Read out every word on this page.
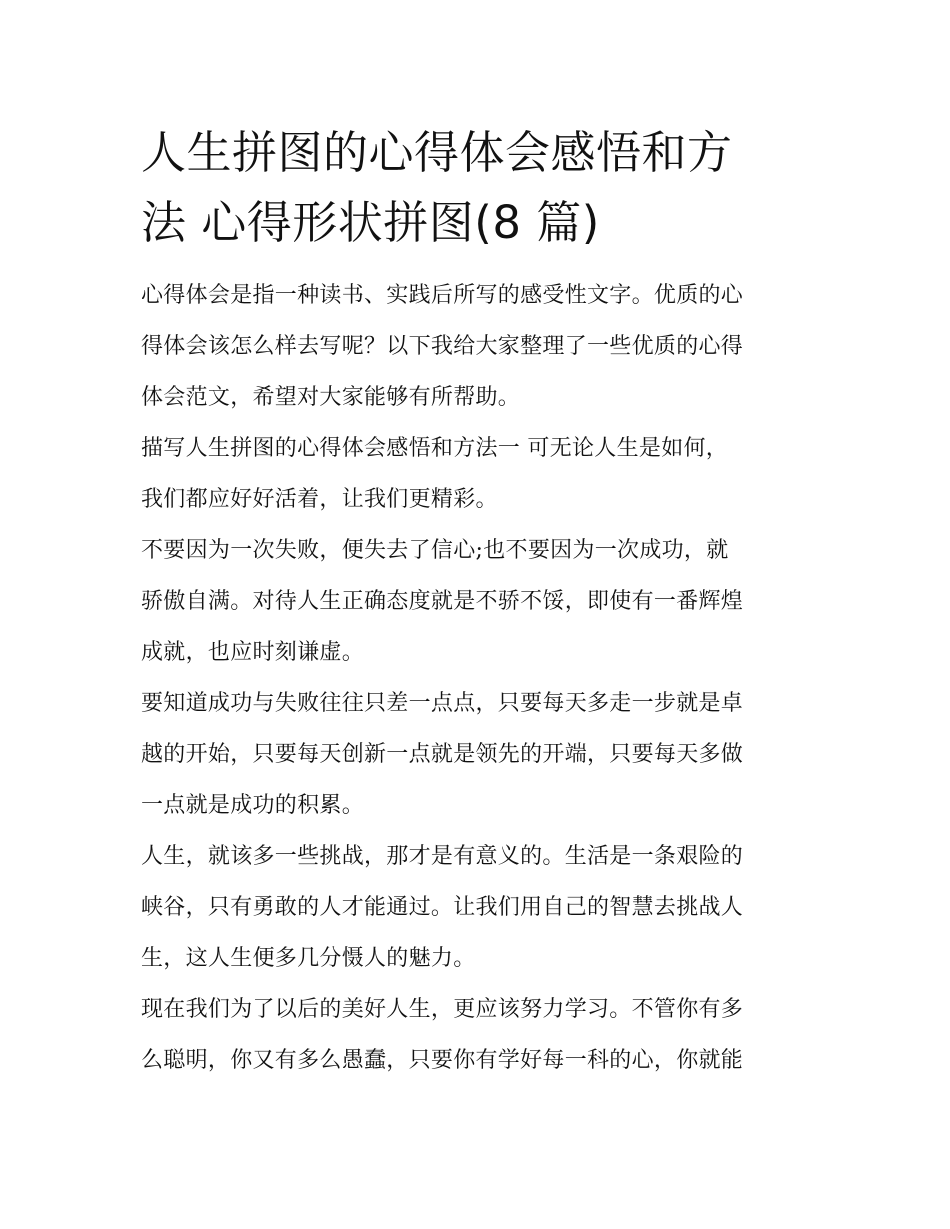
人生拼图的心得体会感悟和方
法 心得形状拼图(8 篇)

心得体会是指一种读书、实践后所写的感受性文字。优质的心
得体会该怎么样去写呢？以下我给大家整理了一些优质的心得
体会范文，希望对大家能够有所帮助。

描写人生拼图的心得体会感悟和方法一 可无论人生是如何，
我们都应好好活着，让我们更精彩。

不要因为一次失败，便失去了信心;也不要因为一次成功，就
骄傲自满。对待人生正确态度就是不骄不馁，即使有一番辉煌
成就，也应时刻谦虚。

要知道成功与失败往往只差一点点，只要每天多走一步就是卓
越的开始，只要每天创新一点就是领先的开端，只要每天多做
一点就是成功的积累。

人生，就该多一些挑战，那才是有意义的。生活是一条艰险的
峡谷，只有勇敢的人才能通过。让我们用自己的智慧去挑战人
生，这人生便多几分慑人的魅力。

现在我们为了以后的美好人生，更应该努力学习。不管你有多
么聪明，你又有多么愚蠢，只要你有学好每一科的心，你就能
